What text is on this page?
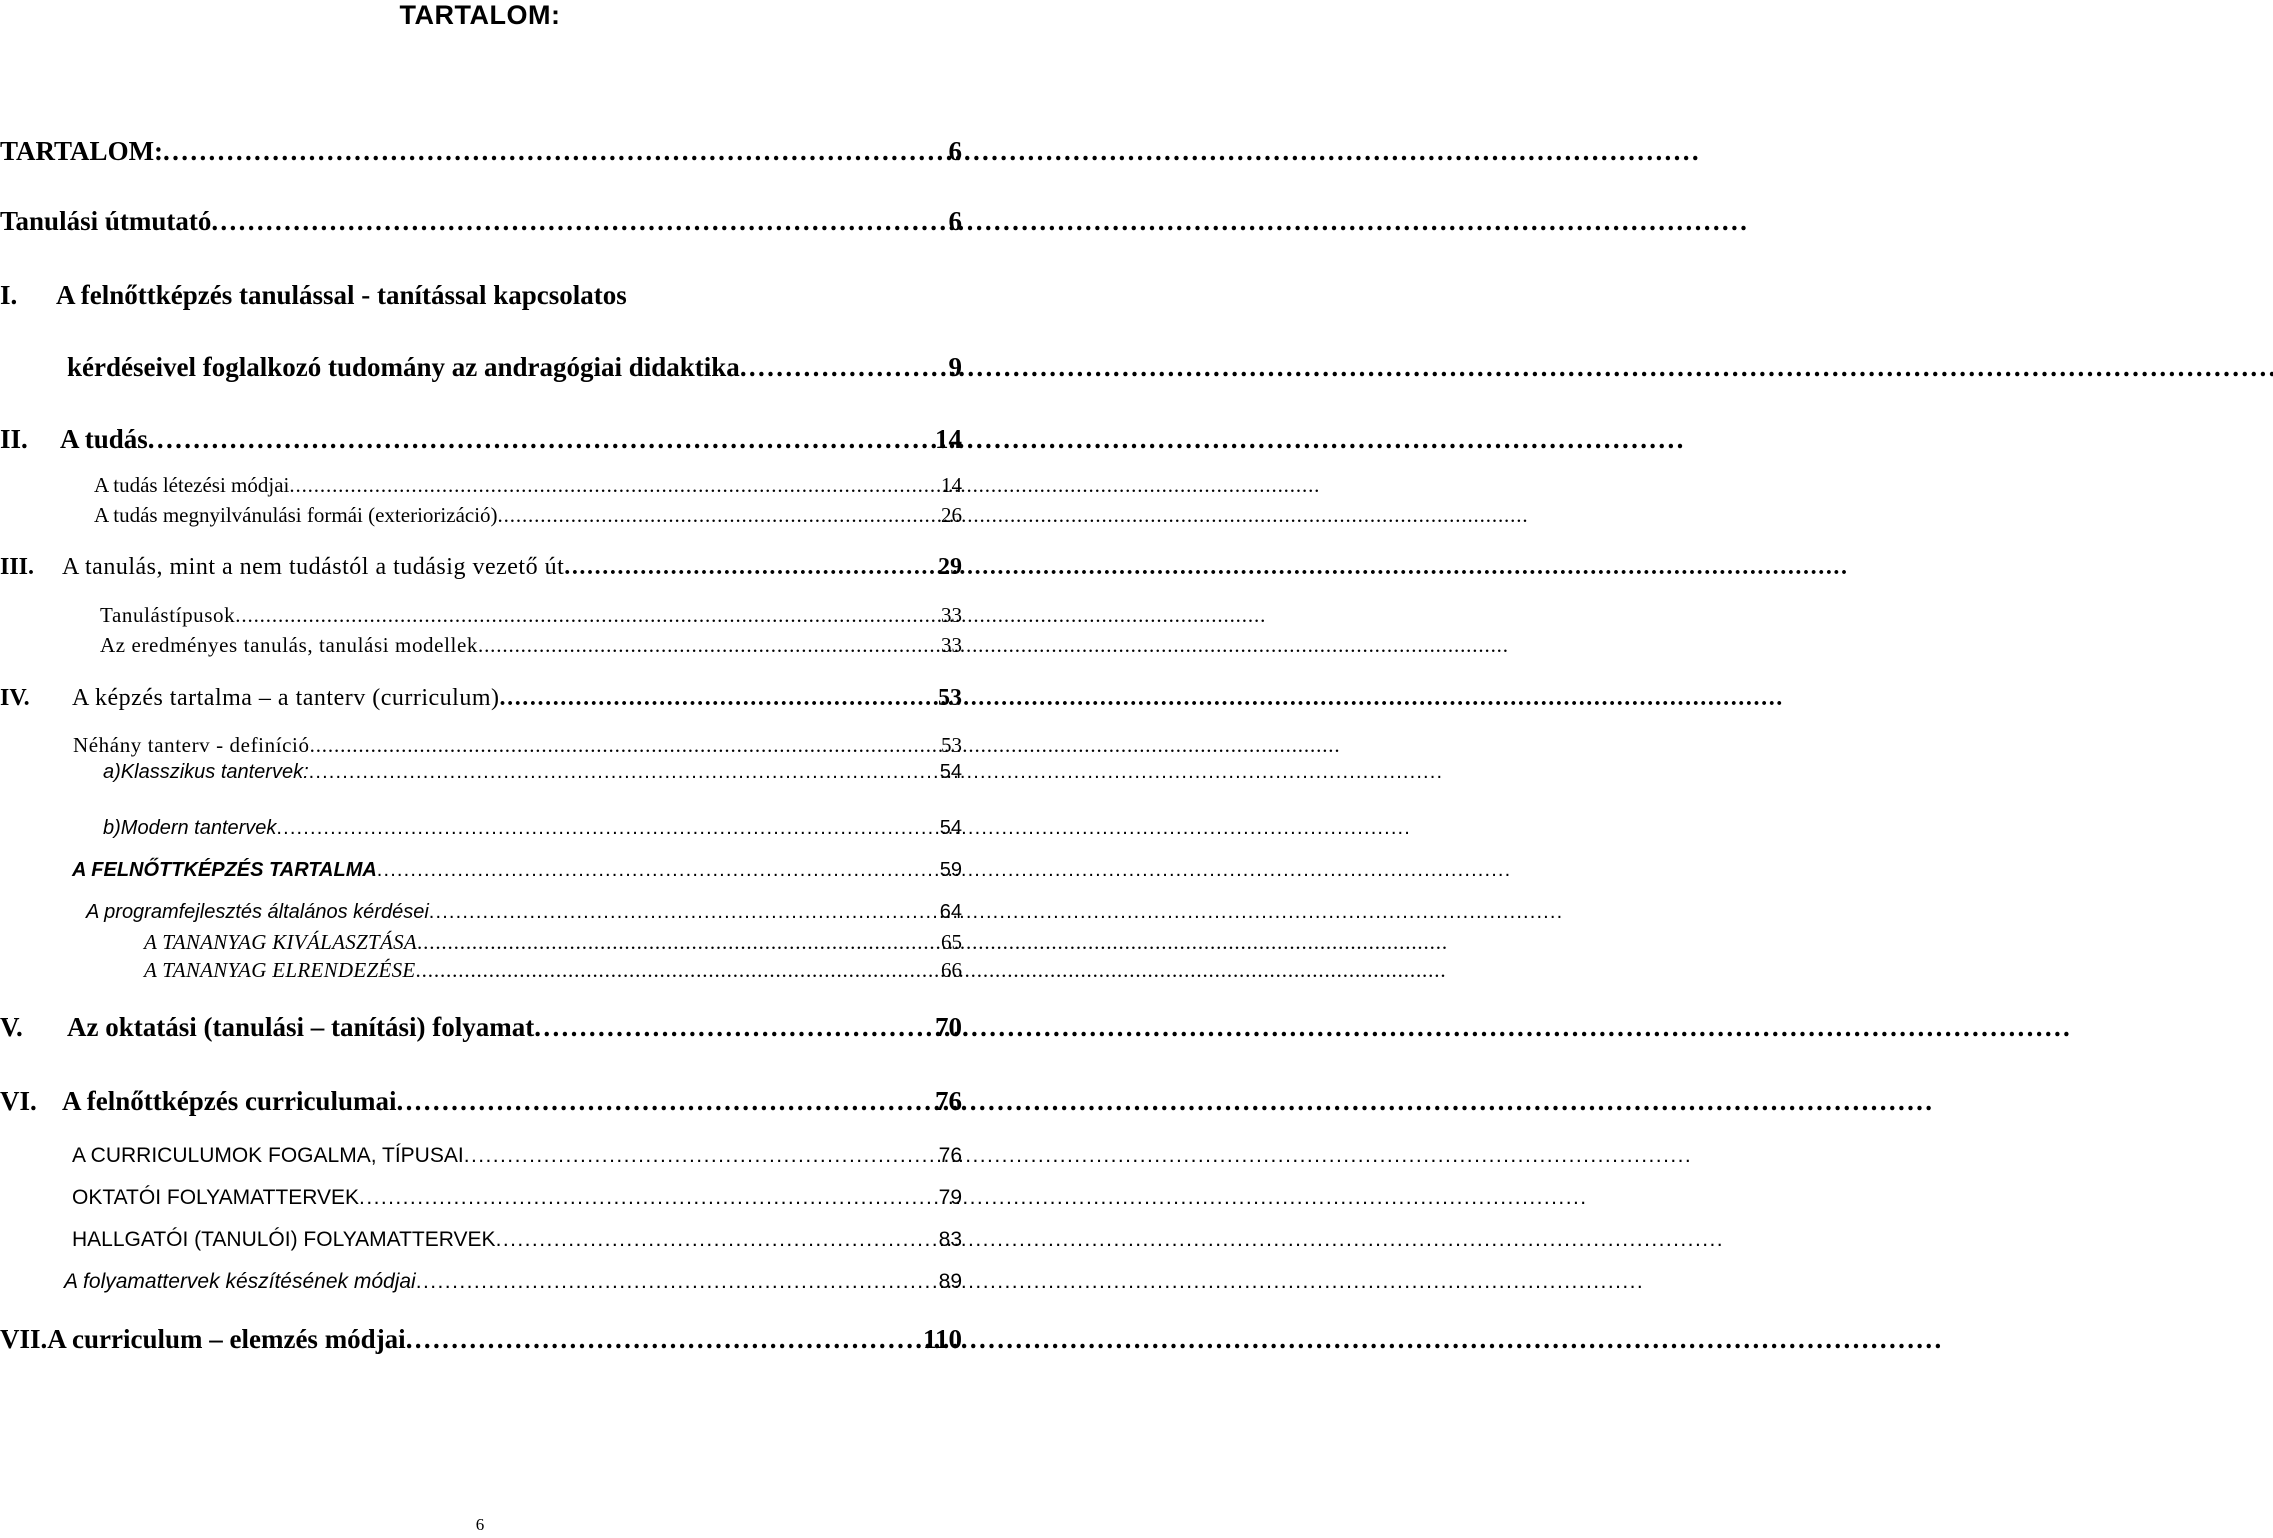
TARTALOM:
TARTALOM: . . .	6
Tanulási útmutató . . .	6
I.	A felnőttképzés tanulással - tanítással kapcsolatos
kérdéseivel foglalkozó tudomány az andragógiai didaktika . . .	9
II.	A tudás . . .	14
A tudás létezési módjai . . .	14
A tudás megnyilvánulási formái (exteriorizáció) . . .	26
III.	A tanulás, mint a nem tudástól a tudásig vezető út . . .	29
Tanulástípusok . . .	33
Az eredményes tanulás, tanulási modellek . . .	33
IV.	A képzés tartalma – a tanterv (curriculum) . . .	53
Néhány tanterv - definíció . . .	53
a)Klasszikus tantervek: . . .	54
b)Modern tantervek . . .	54
A FELNŐTTKÉPZÉS TARTALMA . . .	59
A programfejlesztés általános kérdései . . .	64
A TANANYAG KIVÁLASZTÁSA . . .	65
A TANANYAG ELRENDEZÉSE . . .	66
V.	Az oktatási (tanulási – tanítási) folyamat . . .	70
VI. A felnőttképzés curriculumai . . .	76
A CURRICULUMOK FOGALMA, TÍPUSAI . . .	76
OKTATÓI FOLYAMATTERVEK . . .	79
HALLGATÓI (TANULÓI) FOLYAMATTERVEK . . .	83
A folyamattervek készítésének módjai . . .	89
VII. A curriculum – elemzés módjai . . .	110
6
